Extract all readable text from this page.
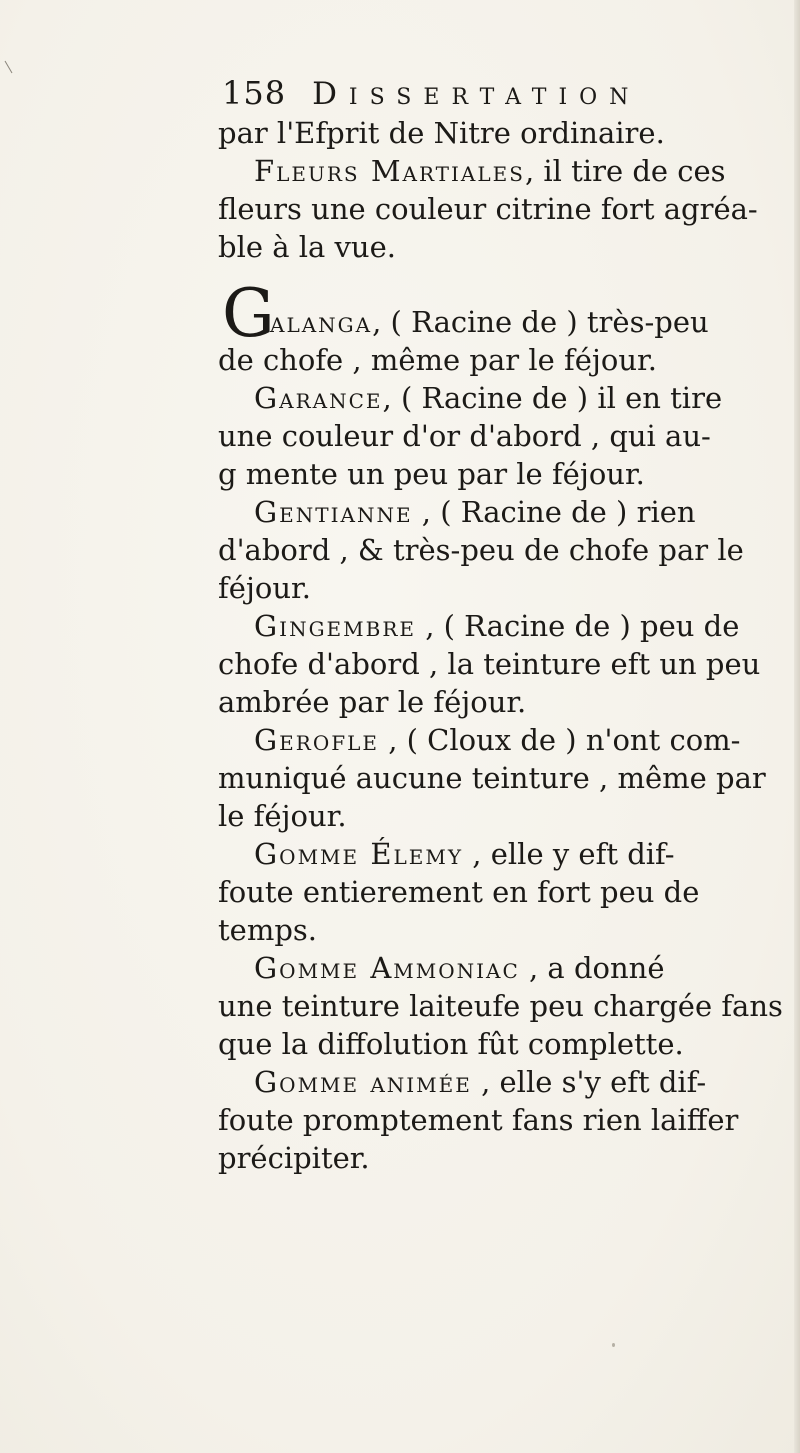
158 Dissertation
par l'Efprit de Nitre ordinaire.
Fleurs Martiales, il tire de ces
fleurs une couleur citrine fort agréa-
ble à la vue.
G
alanga, ( Racine de ) très-peu
de chofe , même par le féjour.
Garance, ( Racine de ) il en tire
une couleur d'or d'abord , qui au-
g mente un peu par le féjour.
Gentianne , ( Racine de ) rien
d'abord , & très-peu de chofe par le
féjour.
Gingembre , ( Racine de ) peu de
chofe d'abord , la teinture eft un peu
ambrée par le féjour.
Gerofle , ( Cloux de ) n'ont com-
muniqué aucune teinture , même par
le féjour.
Gomme Élemy , elle y eft dif-
foute entierement en fort peu de
temps.
Gomme Ammoniac , a donné
une teinture laiteufe peu chargée fans
que la diffolution fût complette.
Gomme animée , elle s'y eft dif-
foute promptement fans rien laiffer
précipiter.
